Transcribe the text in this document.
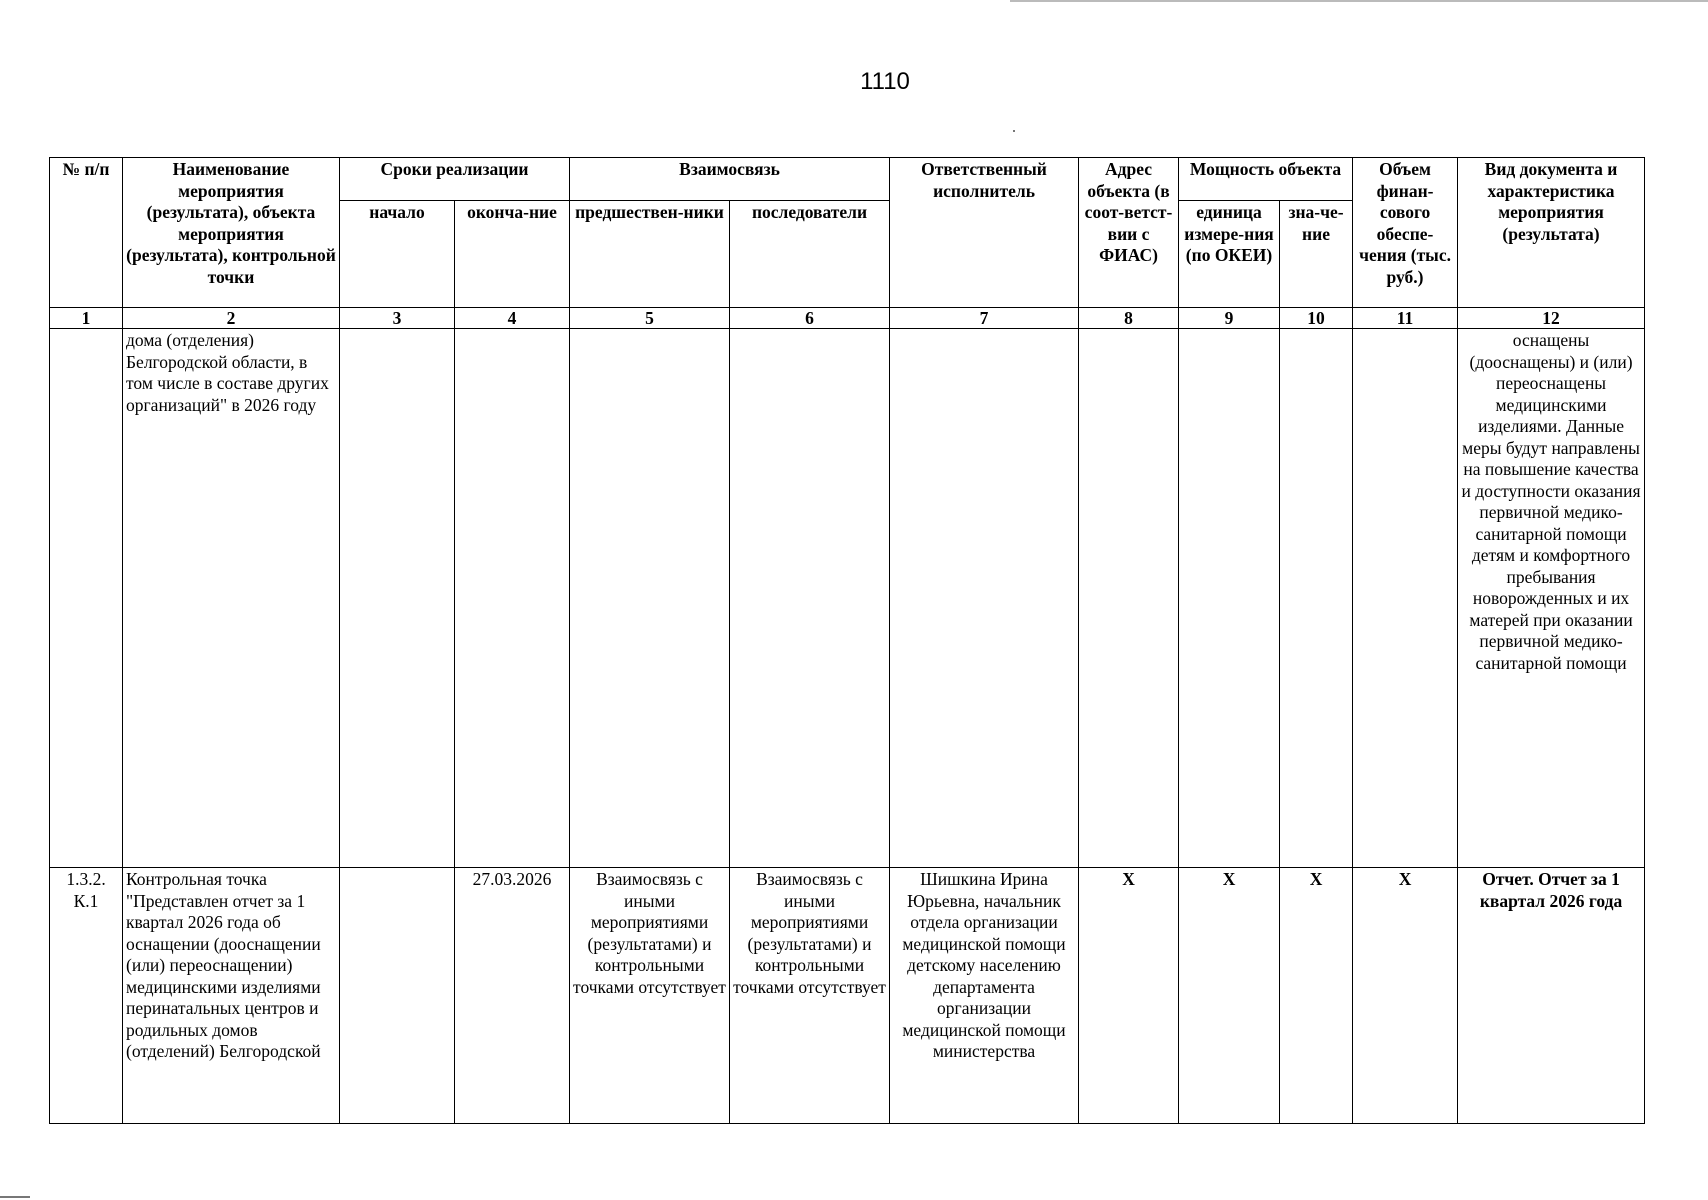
1110
№ п/п	Наименование мероприятия (результата), объекта мероприятия (результата), контрольной точки	Сроки реализации		Взаимосвязь		Ответственный исполнитель	Адрес объекта (в соот-ветст-вии с ФИАС)	Мощность объекта		Объем финан-сового обеспе-чения (тыс. руб.)	Вид документа и характеристика мероприятия (результата)
		начало	оконча-ние	предшествен-ники	последователи			единица измере-ния (по ОКЕИ)	зна-че-ние		
1	2	3	4	5	6	7	8	9	10	11	12
	дома (отделения) Белгородской области, в том числе в составе других организаций" в 2026 году										оснащены (дооснащены) и (или) переоснащены медицинскими изделиями. Данные меры будут направлены на повышение качества и доступности оказания первичной медико-санитарной помощи детям и комфортного пребывания новорожденных и их матерей при оказании первичной медико-санитарной помощи
1.3.2. К.1	Контрольная точка "Представлен отчет за 1 квартал 2026 года об оснащении (дооснащении (или) переоснащении) медицинскими изделиями перинатальных центров и родильных домов (отделений) Белгородской		27.03.2026	Взаимосвязь с иными мероприятиями (результатами) и контрольными точками отсутствует	Взаимосвязь с иными мероприятиями (результатами) и контрольными точками отсутствует	Шишкина Ирина Юрьевна, начальник отдела организации медицинской помощи детскому населению департамента организации медицинской помощи министерства	X	X	X	X	Отчет. Отчет за 1 квартал 2026 года
